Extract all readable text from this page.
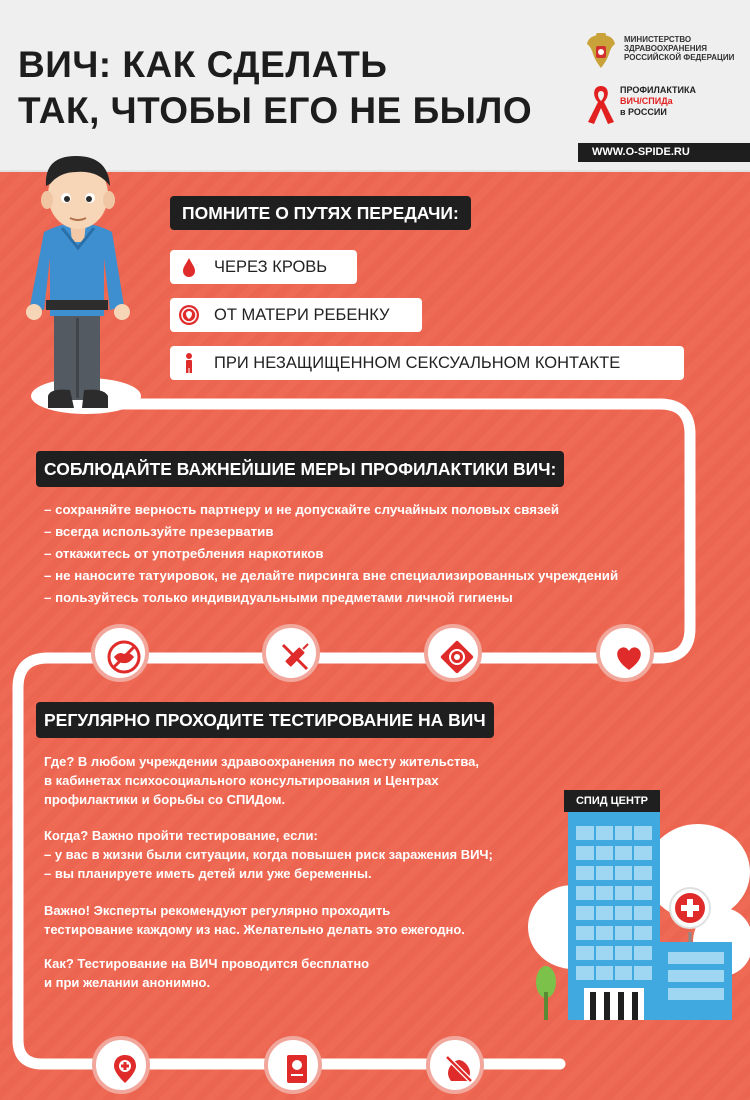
ВИЧ: КАК СДЕЛАТЬ
ТАК, ЧТОБЫ ЕГО НЕ БЫЛО
МИНИСТЕРСТВО
ЗДРАВООХРАНЕНИЯ
РОССИЙСКОЙ ФЕДЕРАЦИИ
ПРОФИЛАКТИКА
ВИЧ/СПИДа
в РОССИИ
WWW.O-SPIDE.RU
ПОМНИТЕ О ПУТЯХ ПЕРЕДАЧИ:
ЧЕРЕЗ КРОВЬ
ОТ МАТЕРИ РЕБЕНКУ
ПРИ НЕЗАЩИЩЕННОМ СЕКСУАЛЬНОМ КОНТАКТЕ
СОБЛЮДАЙТЕ ВАЖНЕЙШИЕ МЕРЫ ПРОФИЛАКТИКИ ВИЧ:
– сохраняйте верность партнеру и не допускайте случайных половых связей
– всегда используйте презерватив
– откажитесь от употребления наркотиков
– не наносите татуировок, не делайте пирсинга вне специализированных учреждений
– пользуйтесь только индивидуальными предметами личной гигиены
РЕГУЛЯРНО ПРОХОДИТЕ ТЕСТИРОВАНИЕ НА ВИЧ
Где? В любом учреждении здравоохранения по месту жительства,
в кабинетах психосоциального консультирования и Центрах
профилактики и борьбы со СПИДом.
Когда? Важно пройти тестирование, если:
– у вас в жизни были ситуации, когда повышен риск заражения ВИЧ;
– вы планируете иметь детей или уже беременны.
Важно! Эксперты рекомендуют регулярно проходить
тестирование каждому из нас. Желательно делать это ежегодно.
Как? Тестирование на ВИЧ проводится бесплатно
и при желании анонимно.
СПИД ЦЕНТР
